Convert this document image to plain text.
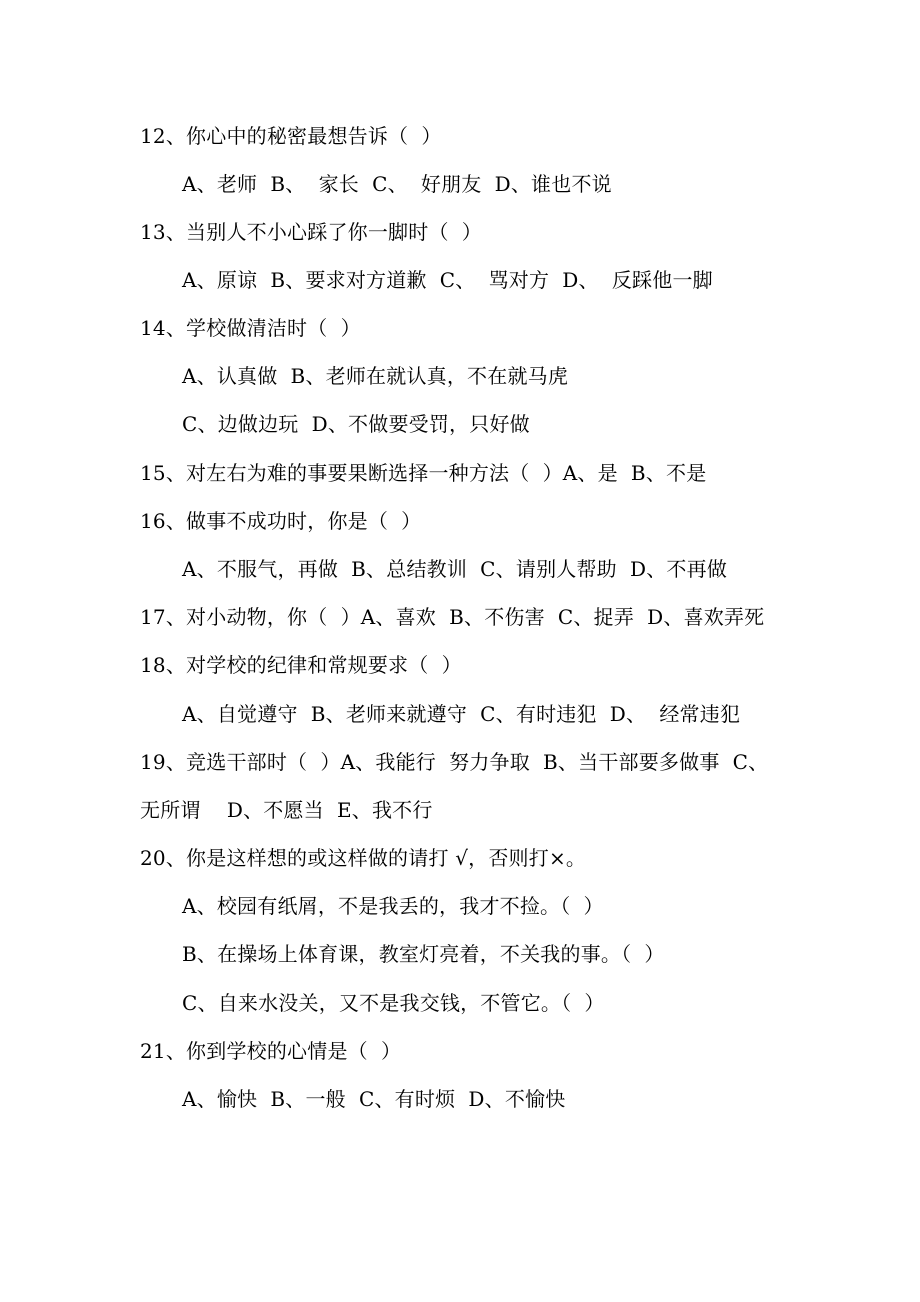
12、你心中的秘密最想告诉（  ）
A、老师  B、  家长  C、  好朋友  D、谁也不说
13、当别人不小心踩了你一脚时（  ）
A、原谅  B、要求对方道歉  C、  骂对方  D、  反踩他一脚
14、学校做清洁时（  ）
A、认真做  B、老师在就认真，不在就马虎
C、边做边玩  D、不做要受罚，只好做
15、对左右为难的事要果断选择一种方法（  ）A、是  B、不是
16、做事不成功时，你是（  ）
A、不服气，再做  B、总结教训  C、请别人帮助  D、不再做
17、对小动物，你（  ）A、喜欢  B、不伤害  C、捉弄  D、喜欢弄死
18、对学校的纪律和常规要求（  ）
A、自觉遵守  B、老师来就遵守  C、有时违犯  D、  经常违犯
19、竞选干部时（  ）A、我能行  努力争取  B、当干部要多做事  C、
无所谓    D、不愿当  E、我不行
20、你是这样想的或这样做的请打 √，否则打×。
A、校园有纸屑，不是我丢的，我才不捡。（  ）
B、在操场上体育课，教室灯亮着，不关我的事。（  ）
C、自来水没关，又不是我交钱，不管它。（  ）
21、你到学校的心情是（  ）
A、愉快  B、一般  C、有时烦  D、不愉快
